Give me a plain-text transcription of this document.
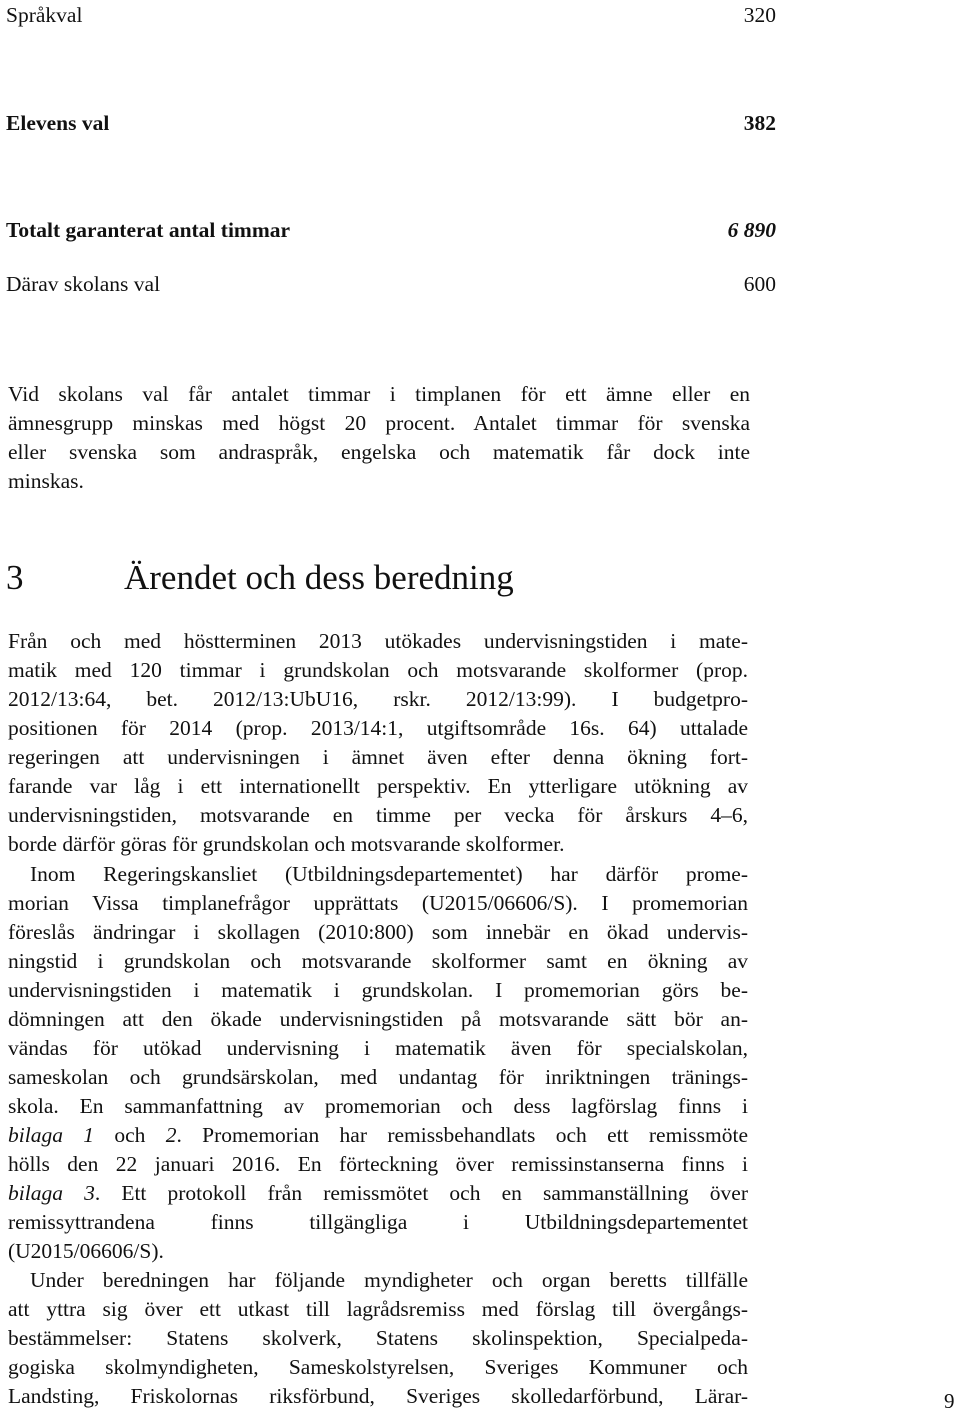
Språkval	320
Elevens val	382
Totalt garanterat antal timmar	6 890
Därav skolans val	600

Vid skolans val får antalet timmar i timplanen för ett ämne eller en
ämnesgrupp minskas med högst 20 procent. Antalet timmar för svenska
eller svenska som andraspråk, engelska och matematik får dock inte
minskas.

3	Ärendet och dess beredning

Från och med höstterminen 2013 utökades undervisningstiden i mate-
matik med 120 timmar i grundskolan och motsvarande skolformer (prop.
2012/13:64, bet. 2012/13:UbU16, rskr. 2012/13:99). I budgetpro-
positionen för 2014 (prop. 2013/14:1, utgiftsområde 16s. 64) uttalade
regeringen att undervisningen i ämnet även efter denna ökning fort-
farande var låg i ett internationellt perspektiv. En ytterligare utökning av
undervisningstiden, motsvarande en timme per vecka för årskurs 4–6,
borde därför göras för grundskolan och motsvarande skolformer.

Inom Regeringskansliet (Utbildningsdepartementet) har därför prome-
morian Vissa timplanefrågor upprättats (U2015/06606/S). I promemorian
föreslås ändringar i skollagen (2010:800) som innebär en ökad undervis-
ningstid i grundskolan och motsvarande skolformer samt en ökning av
undervisningstiden i matematik i grundskolan. I promemorian görs be-
dömningen att den ökade undervisningstiden på motsvarande sätt bör an-
vändas för utökad undervisning i matematik även för specialskolan,
sameskolan och grundsärskolan, med undantag för inriktningen tränings-
skola. En sammanfattning av promemorian och dess lagförslag finns i
bilaga 1 och 2. Promemorian har remissbehandlats och ett remissmöte
hölls den 22 januari 2016. En förteckning över remissinstanserna finns i
bilaga 3. Ett protokoll från remissmötet och en sammanställning över
remissyttrandena finns tillgängliga i Utbildningsdepartementet
(U2015/06606/S).

Under beredningen har följande myndigheter och organ beretts tillfälle
att yttra sig över ett utkast till lagrådsremiss med förslag till övergångs-
bestämmelser: Statens skolverk, Statens skolinspektion, Specialpeda-
gogiska skolmyndigheten, Sameskolstyrelsen, Sveriges Kommuner och
Landsting, Friskolornas riksförbund, Sveriges skolledarförbund, Lärar-	9
